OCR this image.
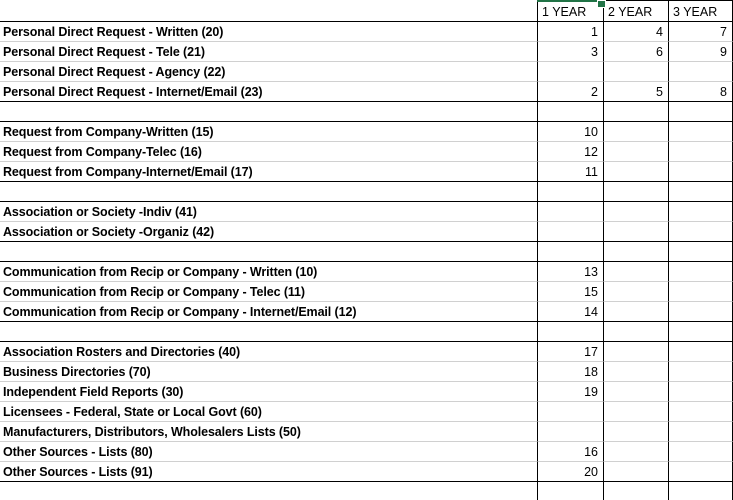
1 YEAR	2 YEAR	3 YEAR
Personal Direct Request - Written (20)	1	4	7
Personal Direct Request - Tele (21)	3	6	9
Personal Direct Request - Agency (22)
Personal Direct Request - Internet/Email (23)	2	5	8
Request from Company-Written (15)	10
Request from Company-Telec (16)	12
Request from Company-Internet/Email (17)	11
Association or Society -Indiv (41)
Association or Society -Organiz (42)
Communication from Recip or Company - Written (10)	13
Communication from Recip or Company - Telec (11)	15
Communication from Recip or Company - Internet/Email (12)	14
Association Rosters and Directories (40)	17
Business Directories (70)	18
Independent Field Reports (30)	19
Licensees - Federal, State or Local Govt (60)
Manufacturers, Distributors, Wholesalers Lists (50)
Other Sources - Lists (80)	16
Other Sources - Lists (91)	20
